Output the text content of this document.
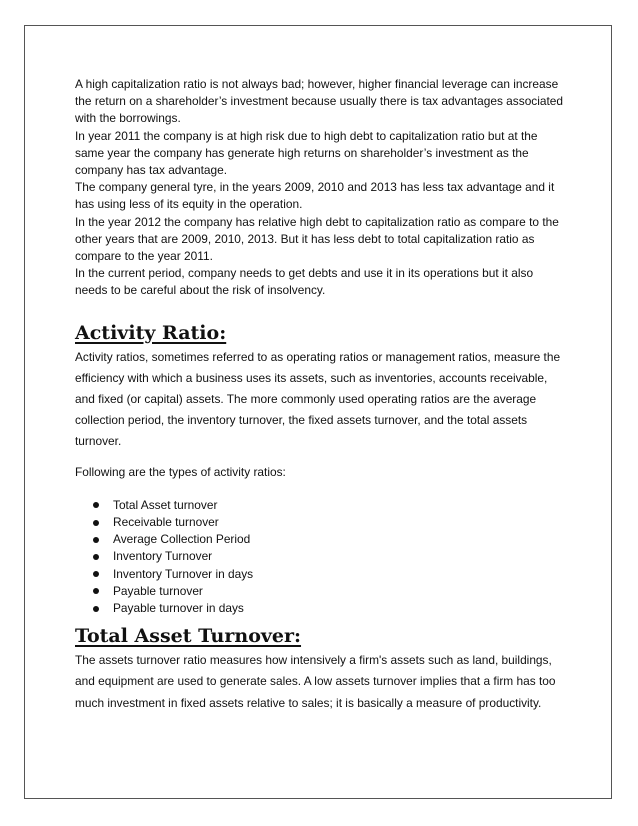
A high capitalization ratio is not always bad; however, higher financial leverage can increase the return on a shareholder’s investment because usually there is tax advantages associated with the borrowings.

In year 2011 the company is at high risk due to high debt to capitalization ratio but at the same year the company has generate high returns on shareholder’s investment as the company has tax advantage.

The company general tyre, in the years 2009, 2010 and 2013 has less tax advantage and it has using less of its equity in the operation.

In the year 2012 the company has relative high debt to capitalization ratio as compare to the other years that are 2009, 2010, 2013. But it has less debt to total capitalization ratio as compare to the year 2011.

In the current period, company needs to get debts and use it in its operations but it also needs to be careful about the risk of insolvency.

Activity Ratio:

Activity ratios, sometimes referred to as operating ratios or management ratios, measure the efficiency with which a business uses its assets, such as inventories, accounts receivable, and fixed (or capital) assets. The more commonly used operating ratios are the average collection period, the inventory turnover, the fixed assets turnover, and the total assets turnover.

Following are the types of activity ratios:

Total Asset turnover
Receivable turnover
Average Collection Period
Inventory Turnover
Inventory Turnover in days
Payable turnover
Payable turnover in days
Total Asset Turnover:

The assets turnover ratio measures how intensively a firm's assets such as land, buildings, and equipment are used to generate sales. A low assets turnover implies that a firm has too much investment in fixed assets relative to sales; it is basically a measure of productivity.
